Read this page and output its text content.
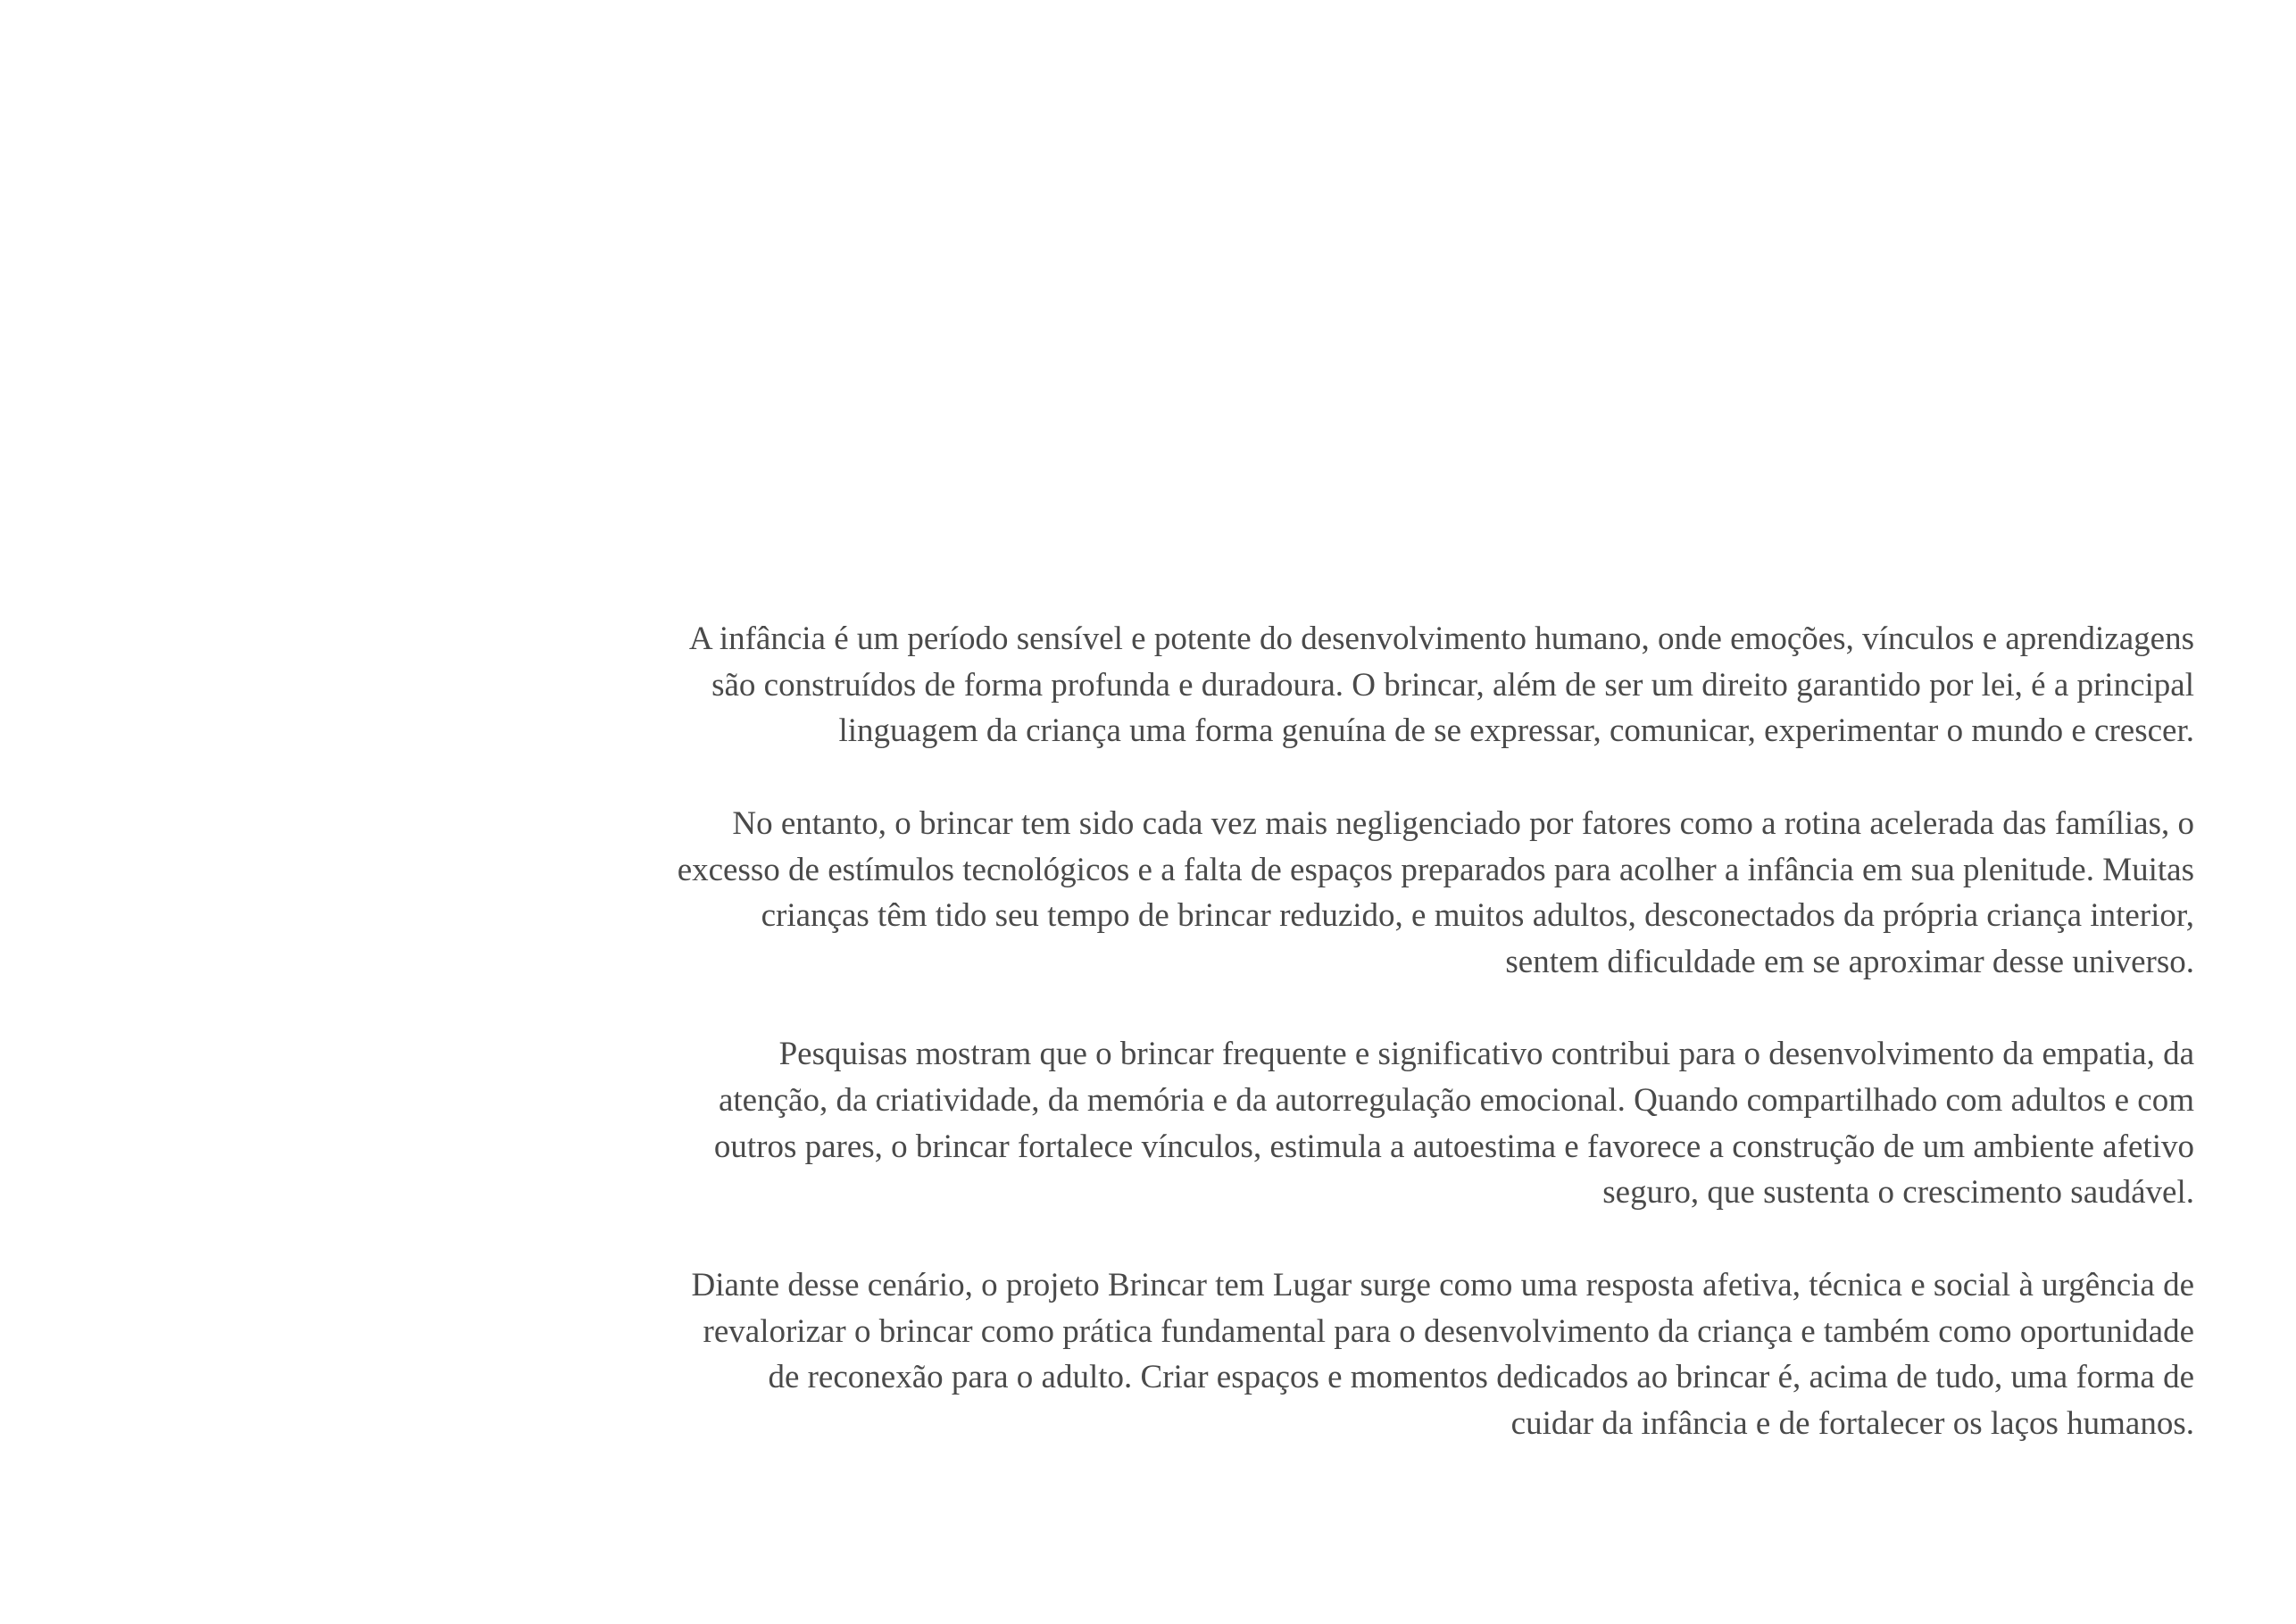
A infância é um período sensível e potente do desenvolvimento humano, onde emoções, vínculos e aprendizagens
são construídos de forma profunda e duradoura. O brincar, além de ser um direito garantido por lei, é a principal
linguagem da criança uma forma genuína de se expressar, comunicar, experimentar o mundo e crescer.

No entanto, o brincar tem sido cada vez mais negligenciado por fatores como a rotina acelerada das famílias, o
excesso de estímulos tecnológicos e a falta de espaços preparados para acolher a infância em sua plenitude. Muitas
crianças têm tido seu tempo de brincar reduzido, e muitos adultos, desconectados da própria criança interior,
sentem dificuldade em se aproximar desse universo.

Pesquisas mostram que o brincar frequente e significativo contribui para o desenvolvimento da empatia, da
atenção, da criatividade, da memória e da autorregulação emocional. Quando compartilhado com adultos e com
outros pares, o brincar fortalece vínculos, estimula a autoestima e favorece a construção de um ambiente afetivo
seguro, que sustenta o crescimento saudável.

Diante desse cenário, o projeto Brincar tem Lugar surge como uma resposta afetiva, técnica e social à urgência de
revalorizar o brincar como prática fundamental para o desenvolvimento da criança e também como oportunidade
de reconexão para o adulto. Criar espaços e momentos dedicados ao brincar é, acima de tudo, uma forma de
cuidar da infância e de fortalecer os laços humanos.
